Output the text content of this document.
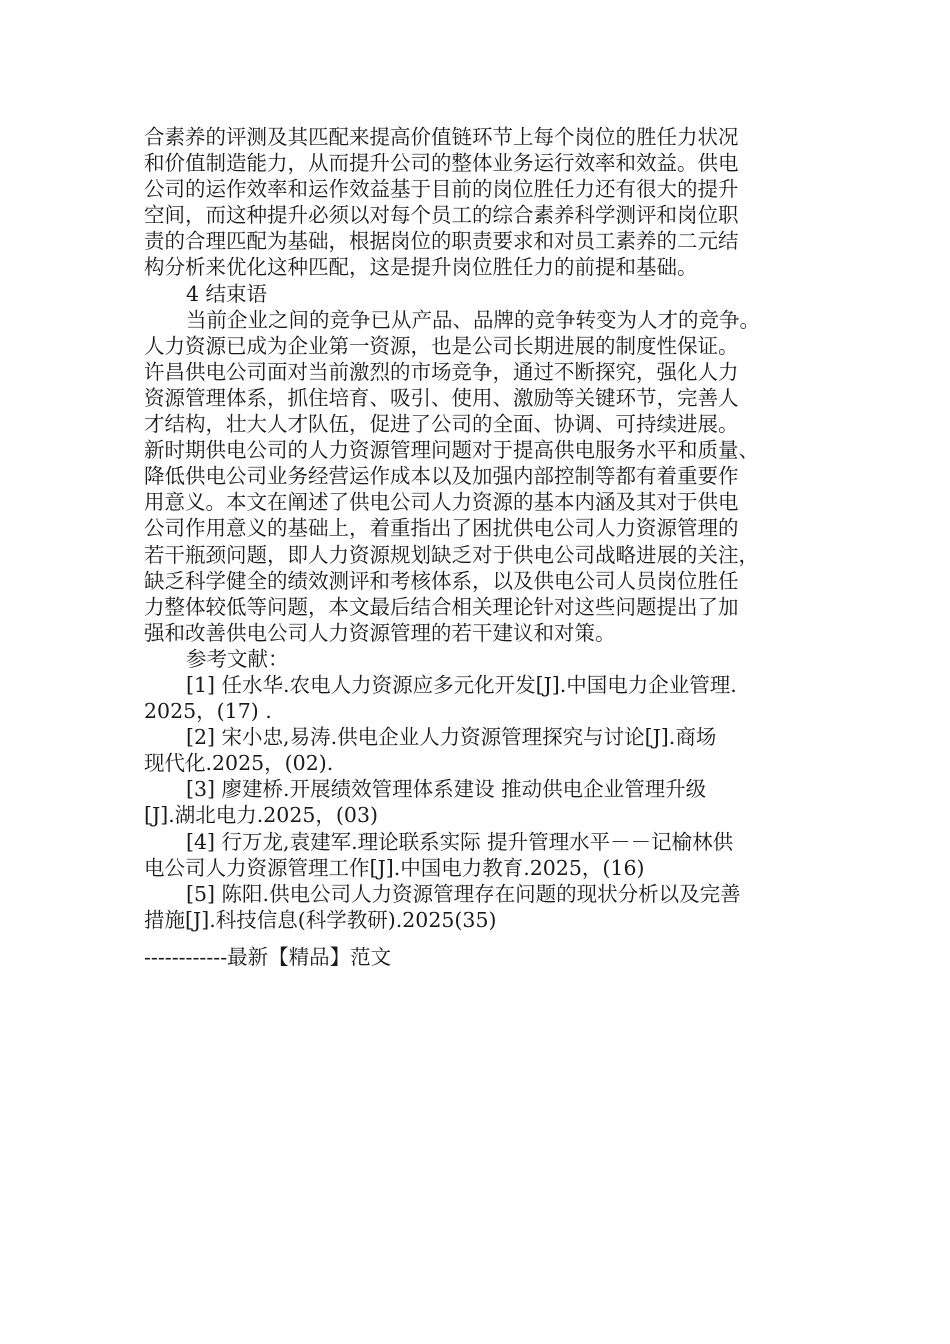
合素养的评测及其匹配来提高价值链环节上每个岗位的胜任力状况
和价值制造能力，从而提升公司的整体业务运行效率和效益。供电
公司的运作效率和运作效益基于目前的岗位胜任力还有很大的提升
空间，而这种提升必须以对每个员工的综合素养科学测评和岗位职
责的合理匹配为基础，根据岗位的职责要求和对员工素养的二元结
构分析来优化这种匹配，这是提升岗位胜任力的前提和基础。
4 结束语
当前企业之间的竞争已从产品、品牌的竞争转变为人才的竞争。
人力资源已成为企业第一资源，也是公司长期进展的制度性保证。
许昌供电公司面对当前激烈的市场竞争，通过不断探究，强化人力
资源管理体系，抓住培育、吸引、使用、激励等关键环节，完善人
才结构，壮大人才队伍，促进了公司的全面、协调、可持续进展。
新时期供电公司的人力资源管理问题对于提高供电服务水平和质量、
降低供电公司业务经营运作成本以及加强内部控制等都有着重要作
用意义。本文在阐述了供电公司人力资源的基本内涵及其对于供电
公司作用意义的基础上，着重指出了困扰供电公司人力资源管理的
若干瓶颈问题，即人力资源规划缺乏对于供电公司战略进展的关注，
缺乏科学健全的绩效测评和考核体系，以及供电公司人员岗位胜任
力整体较低等问题，本文最后结合相关理论针对这些问题提出了加
强和改善供电公司人力资源管理的若干建议和对策。
参考文献：
[1] 任水华.农电人力资源应多元化开发[J].中国电力企业管理.
2025，(17) .
[2] 宋小忠,易涛.供电企业人力资源管理探究与讨论[J].商场
现代化.2025，(02).
[3] 廖建桥.开展绩效管理体系建设 推动供电企业管理升级
[J].湖北电力.2025，(03)
[4] 行万龙,袁建军.理论联系实际 提升管理水平－－记榆林供
电公司人力资源管理工作[J].中国电力教育.2025，(16)
[5] 陈阳.供电公司人力资源管理存在问题的现状分析以及完善
措施[J].科技信息(科学教研).2025(35)
------------最新【精品】范文
